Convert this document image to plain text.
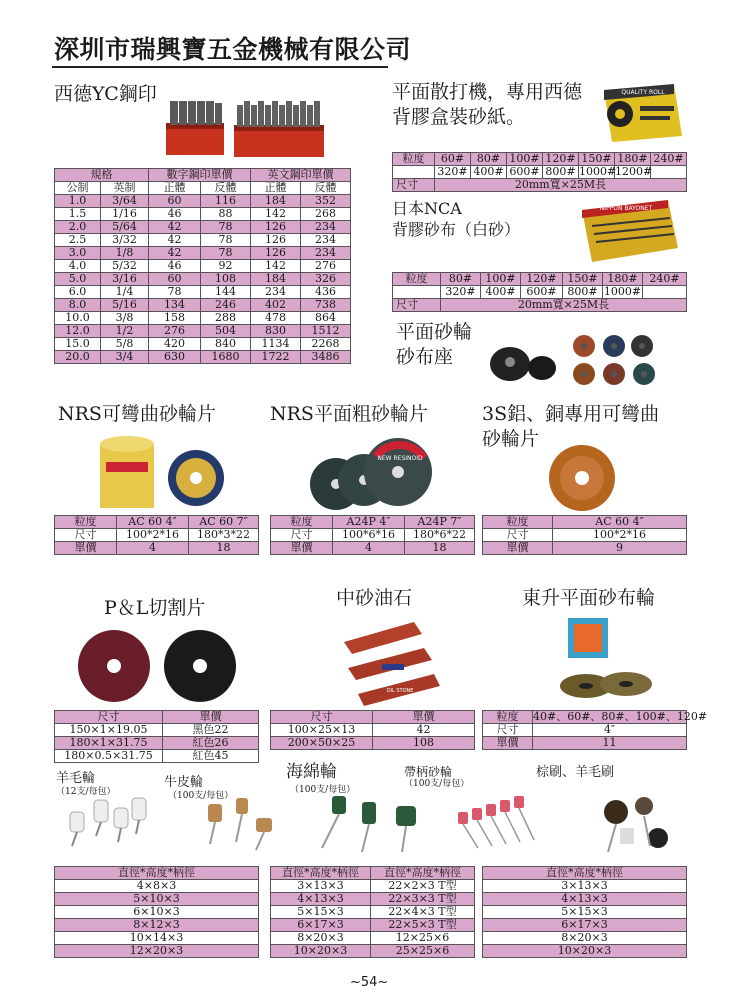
深圳市瑞興寶五金機械有限公司
西德YC鋼印
規格		數字鋼印單價		英文鋼印單價	
公制	英制	正體	反體	正體	反體
1.0	3/64	60	116	184	352
1.5	1/16	46	88	142	268
2.0	5/64	42	78	126	234
2.5	3/32	42	78	126	234
3.0	1/8	42	78	126	234
4.0	5/32	46	92	142	276
5.0	3/16	60	108	184	326
6.0	1/4	78	144	234	436
8.0	5/16	134	246	402	738
10.0	3/8	158	288	478	864
12.0	1/2	276	504	830	1512
15.0	5/8	420	840	1134	2268
20.0	3/4	630	1680	1722	3486
平面散打機，專用西德
背膠盒裝砂紙。
QUALITY ROLL
粒度	60#	80#	100#	120#	150#	180#	240#
	320#	400#	600#	800#	1000#	1200#	
尺寸	20mm寬×25M長						
日本NCA
背膠砂布（白砂）
NIPPON BAYONET
粒度	80#	100#	120#	150#	180#	240#
	320#	400#	600#	800#	1000#	
尺寸	20mm寬×25M長					
平面砂輪
砂布座
NRS可彎曲砂輪片
粒度	AC 60 4″	AC 60 7″
尺寸	100*2*16	180*3*22
單價	4	18
NRS平面粗砂輪片
NEW RESINOID
粒度	A24P 4″	A24P 7″
尺寸	100*6*16	180*6*22
單價	4	18
3S鋁、銅專用可彎曲
砂輪片
粒度	AC 60 4″
尺寸	100*2*16
單價	9
P＆L切割片
尺寸	單價
150×1×19.05	黑色22
180×1×31.75	紅色26
180×0.5×31.75	紅色45
中砂油石
OIL STONE
尺寸	單價
100×25×13	42
200×50×25	108
東升平面砂布輪
粒度	40#、60#、80#、100#、120#
尺寸	4″
單價	11
羊毛輪
（12支/每包）
牛皮輪
（100支/每包）
海綿輪
（100支/每包）
帶柄砂輪
（100支/每包）
棕刷、羊毛刷
直徑*高度*柄徑
4×8×3
5×10×3
6×10×3
8×12×3
10×14×3
12×20×3
直徑*高度*柄徑	直徑*高度*柄徑
3×13×3	22×2×3 T型
4×13×3	22×3×3 T型
5×15×3	22×4×3 T型
6×17×3	22×5×3 T型
8×20×3	12×25×6
10×20×3	25×25×6
直徑*高度*柄徑
3×13×3
4×13×3
5×15×3
6×17×3
8×20×3
10×20×3
~54~
